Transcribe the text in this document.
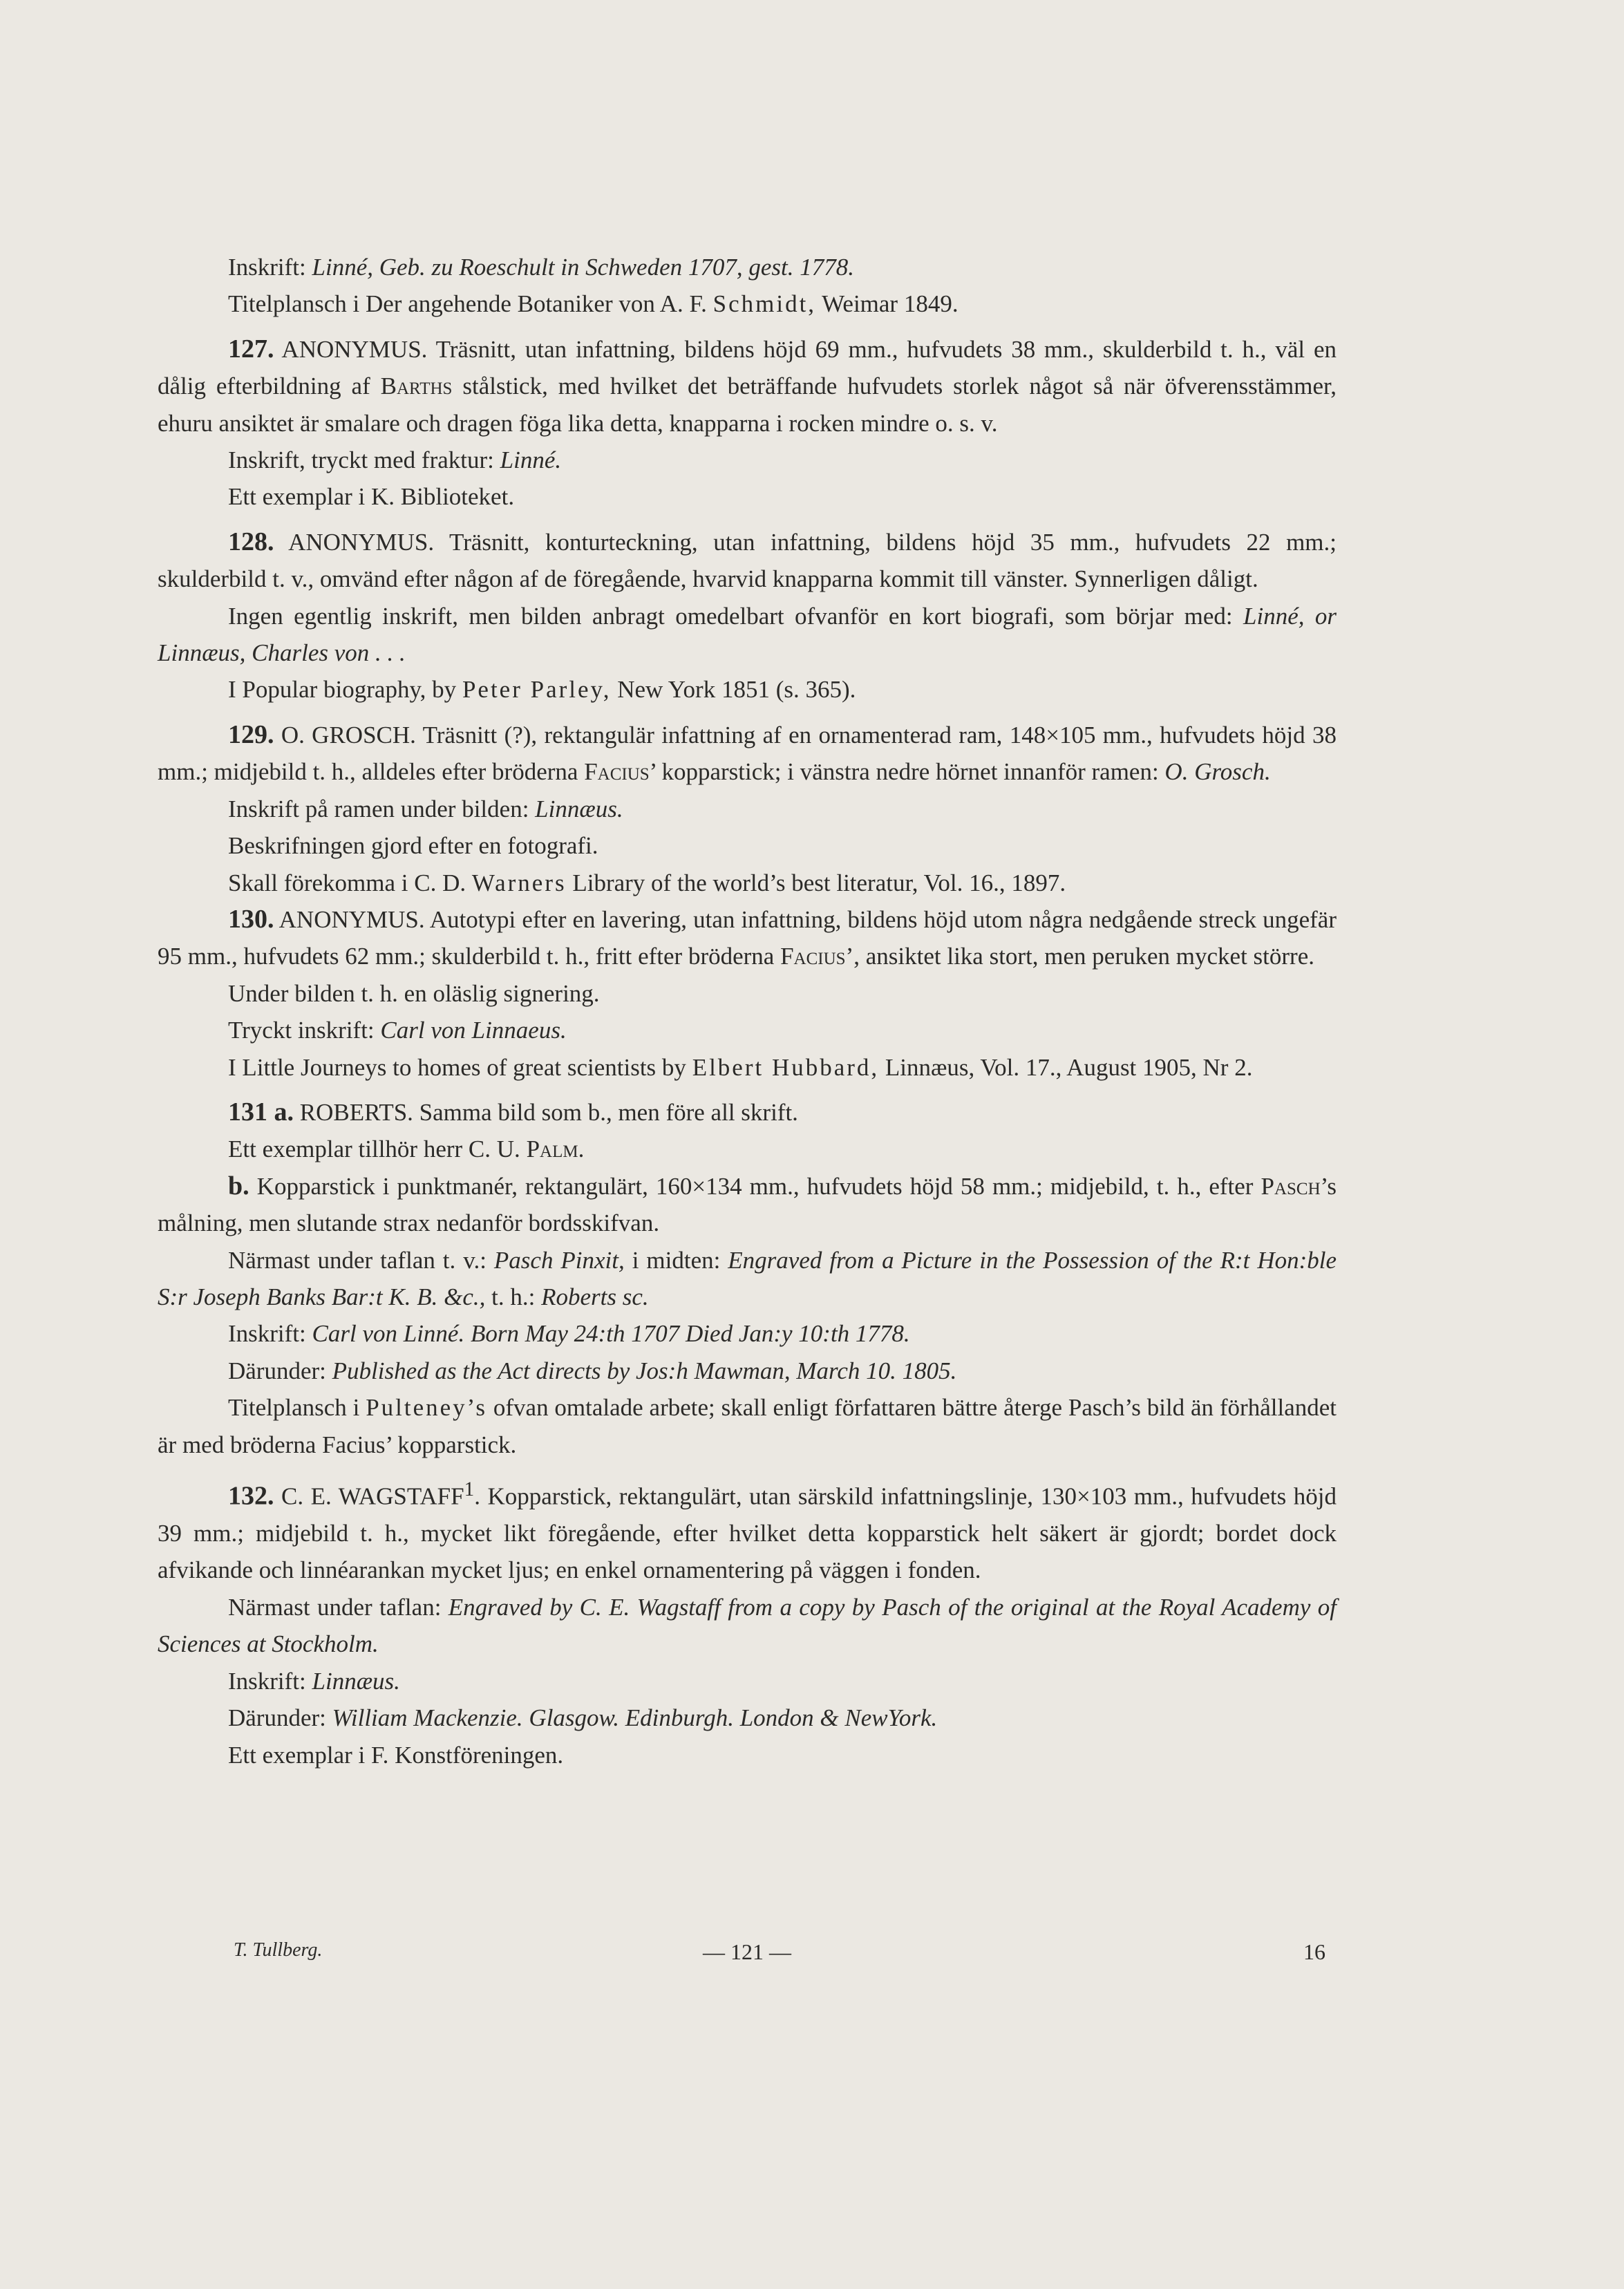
Inskrift: Linné, Geb. zu Roeschult in Schweden 1707, gest. 1778.

Titelplansch i Der angehende Botaniker von A. F. Schmidt, Weimar 1849.

127. ANONYMUS. Träsnitt, utan infattning, bildens höjd 69 mm., hufvudets 38 mm., skulderbild t. h., väl en dålig efterbildning af Barths stålstick, med hvilket det beträffande hufvudets storlek något så när öfverensstämmer, ehuru ansiktet är smalare och dragen föga lika detta, knapparna i rocken mindre o. s. v.

Inskrift, tryckt med fraktur: Linné.

Ett exemplar i K. Biblioteket.

128. ANONYMUS. Träsnitt, konturteckning, utan infattning, bildens höjd 35 mm., hufvudets 22 mm.; skulderbild t. v., omvänd efter någon af de föregående, hvarvid knapparna kommit till vänster. Synnerligen dåligt.

Ingen egentlig inskrift, men bilden anbragt omedelbart ofvanför en kort biografi, som börjar med: Linné, or Linnæus, Charles von . . .

I Popular biography, by Peter Parley, New York 1851 (s. 365).

129. O. GROSCH. Träsnitt (?), rektangulär infattning af en ornamenterad ram, 148×105 mm., hufvudets höjd 38 mm.; midjebild t. h., alldeles efter bröderna Facius’ kopparstick; i vänstra nedre hörnet innanför ramen: O. Grosch.

Inskrift på ramen under bilden: Linnæus.

Beskrifningen gjord efter en fotografi.

Skall förekomma i C. D. Warners Library of the world’s best literatur, Vol. 16., 1897.

130. ANONYMUS. Autotypi efter en lavering, utan infattning, bildens höjd utom några nedgående streck ungefär 95 mm., hufvudets 62 mm.; skulderbild t. h., fritt efter bröderna Facius’, ansiktet lika stort, men peruken mycket större.

Under bilden t. h. en oläslig signering.

Tryckt inskrift: Carl von Linnaeus.

I Little Journeys to homes of great scientists by Elbert Hubbard, Linnæus, Vol. 17., August 1905, Nr 2.

131 a. ROBERTS. Samma bild som b., men före all skrift.

Ett exemplar tillhör herr C. U. Palm.

b. Kopparstick i punktmanér, rektangulärt, 160×134 mm., hufvudets höjd 58 mm.; midjebild, t. h., efter Pasch’s målning, men slutande strax nedanför bordsskifvan.

Närmast under taflan t. v.: Pasch Pinxit, i midten: Engraved from a Picture in the Possession of the R:t Hon:ble S:r Joseph Banks Bar:t K. B. &c., t. h.: Roberts sc.

Inskrift: Carl von Linné. Born May 24:th 1707 Died Jan:y 10:th 1778.

Därunder: Published as the Act directs by Jos:h Mawman, March 10. 1805.

Titelplansch i Pulteney’s ofvan omtalade arbete; skall enligt författaren bättre återge Pasch’s bild än förhållandet är med bröderna Facius’ kopparstick.

132. C. E. WAGSTAFF$^1$. Kopparstick, rektangulärt, utan särskild infattningslinje, 130×103 mm., hufvudets höjd 39 mm.; midjebild t. h., mycket likt föregående, efter hvilket detta kopparstick helt säkert är gjordt; bordet dock afvikande och linnéarankan mycket ljus; en enkel ornamentering på väggen i fonden.

Närmast under taflan: Engraved by C. E. Wagstaff from a copy by Pasch of the original at the Royal Academy of Sciences at Stockholm.

Inskrift: Linnæus.

Därunder: William Mackenzie. Glasgow. Edinburgh. London & NewYork.

Ett exemplar i F. Konstföreningen.

T. Tullberg.	— 121 —	16
